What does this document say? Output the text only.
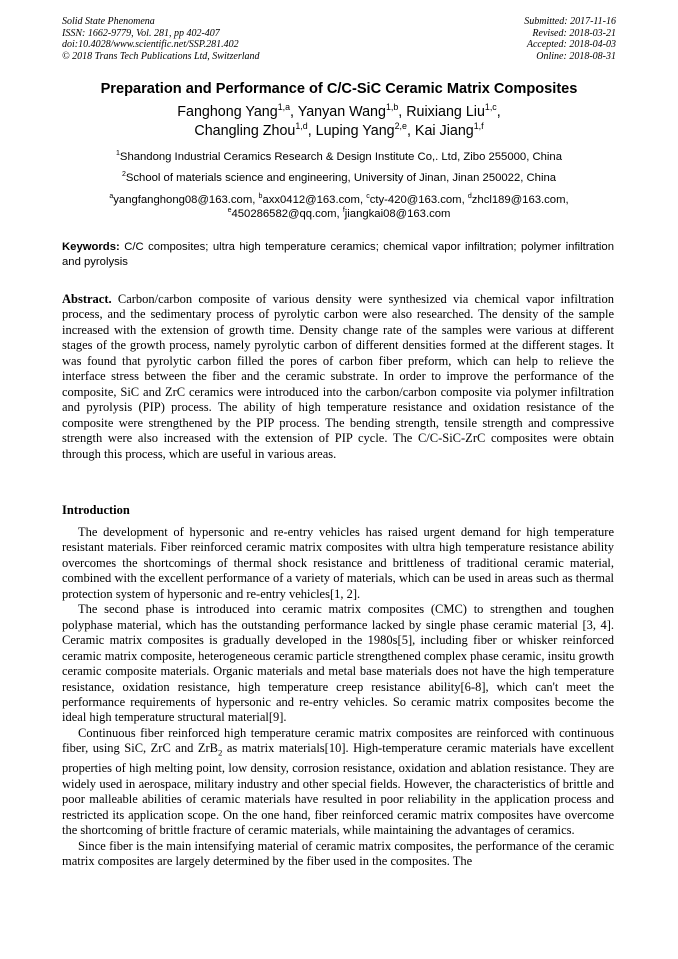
Solid State Phenomena
ISSN: 1662-9779, Vol. 281, pp 402-407
doi:10.4028/www.scientific.net/SSP.281.402
© 2018 Trans Tech Publications Ltd, Switzerland
Submitted: 2017-11-16
Revised: 2018-03-21
Accepted: 2018-04-03
Online: 2018-08-31
Preparation and Performance of C/C-SiC Ceramic Matrix Composites
Fanghong Yang$^{1,a}$, Yanyan Wang$^{1,b}$, Ruixiang Liu$^{1,c}$,
Changling Zhou$^{1,d}$, Luping Yang$^{2,e}$, Kai Jiang$^{1,f}$
$^1$Shandong Industrial Ceramics Research & Design Institute Co,. Ltd, Zibo 255000, China
$^2$School of materials science and engineering, University of Jinan, Jinan 250022, China
$^a$yangfanghong08@163.com, $^b$axx0412@163.com, $^c$cty-420@163.com, $^d$zhcl189@163.com,
$^e$450286582@qq.com, $^f$jiangkai08@163.com
Keywords: C/C composites; ultra high temperature ceramics; chemical vapor infiltration; polymer infiltration and pyrolysis

Abstract. Carbon/carbon composite of various density were synthesized via chemical vapor infiltration process, and the sedimentary process of pyrolytic carbon were also researched. The density of the sample increased with the extension of growth time. Density change rate of the samples were various at different stages of the growth process, namely pyrolytic carbon of different densities formed at the different stages. It was found that pyrolytic carbon filled the pores of carbon fiber preform, which can help to relieve the interface stress between the fiber and the ceramic substrate. In order to improve the performance of the composite, SiC and ZrC ceramics were introduced into the carbon/carbon composite via polymer infiltration and pyrolysis (PIP) process. The ability of high temperature resistance and oxidation resistance of the composite were strengthened by the PIP process. The bending strength, tensile strength and compressive strength were also increased with the extension of PIP cycle. The C/C-SiC-ZrC composites were obtain through this process, which are useful in various areas.

Introduction

The development of hypersonic and re-entry vehicles has raised urgent demand for high temperature resistant materials. Fiber reinforced ceramic matrix composites with ultra high temperature resistance ability overcomes the shortcomings of thermal shock resistance and brittleness of traditional ceramic material, combined with the excellent performance of a variety of materials, which can be used in areas such as thermal protection system of hypersonic and re-entry vehicles[1, 2].

The second phase is introduced into ceramic matrix composites (CMC) to strengthen and toughen polyphase material, which has the outstanding performance lacked by single phase ceramic material [3, 4]. Ceramic matrix composites is gradually developed in the 1980s[5], including fiber or whisker reinforced ceramic matrix composite, heterogeneous ceramic particle strengthened complex phase ceramic, insitu growth ceramic composite materials. Organic materials and metal base materials does not have the high temperature resistance, oxidation resistance, high temperature creep resistance ability[6-8], which can't meet the performance requirements of hypersonic and re-entry vehicles. So ceramic matrix composites become the ideal high temperature structural material[9].

Continuous fiber reinforced high temperature ceramic matrix composites are reinforced with continuous fiber, using SiC, ZrC and ZrB$_2$ as matrix materials[10]. High-temperature ceramic materials have excellent properties of high melting point, low density, corrosion resistance, oxidation and ablation resistance. They are widely used in aerospace, military industry and other special fields. However, the characteristics of brittle and poor malleable abilities of ceramic materials have resulted in poor reliability in the application process and restricted its application scope. On the one hand, fiber reinforced ceramic matrix composites have overcome the shortcoming of brittle fracture of ceramic materials, while maintaining the advantages of ceramics.

Since fiber is the main intensifying material of ceramic matrix composites, the performance of the ceramic matrix composites are largely determined by the fiber used in the composites. The
